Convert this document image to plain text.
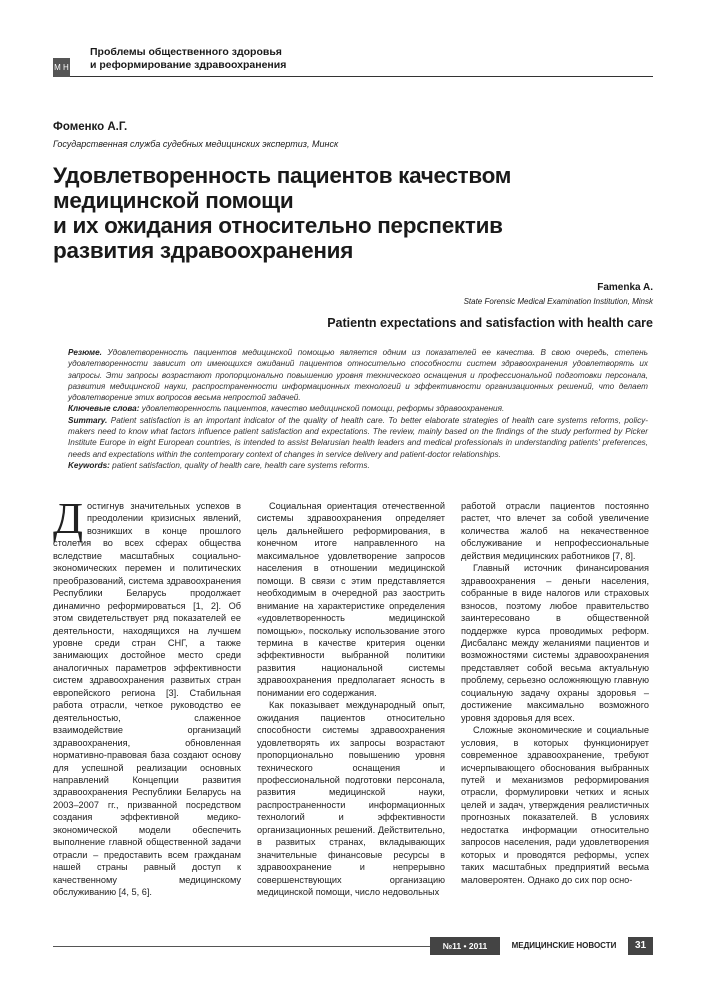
М Н
Проблемы общественного здоровья
и реформирование здравоохранения
Фоменко А.Г.
Государственная служба судебных медицинских экспертиз, Минск
Удовлетворенность пациентов качеством
медицинской помощи
и их ожидания относительно перспектив
развития здравоохранения
Famenka A.
State Forensic Medical Examination Institution, Minsk
Patientn expectations and satisfaction with health care

Резюме. Удовлетворенность пациентов медицинской помощью является одним из показателей ее качества. В свою очередь, степень удовлетворенности зависит от имеющихся ожиданий пациентов относительно способности систем здравоохранения удовлетворять их запросы. Эти запросы возрастают пропорционально повышению уровня технического оснащения и профессиональной подготовки персонала, развития медицинской науки, распространенности информационных технологий и эффективности организационных решений, что делает удовлетворение этих вопросов весьма непростой задачей.

Ключевые слова: удовлетворенность пациентов, качество медицинской помощи, реформы здравоохранения.

Summary. Patient satisfaction is an important indicator of the quality of health care. To better elaborate strategies of health care systems reforms, policy-makers need to know what factors influence patient satisfaction and expectations. The review, mainly based on the findings of the study performed by Picker Institute Europe in eight European countries, is intended to assist Belarusian health leaders and medical professionals in understanding patients' preferences, needs and expectations within the contemporary context of changes in service delivery and patient-doctor relationships.

Keywords: patient satisfaction, quality of health care, health care systems reforms.

Достигнув значительных успехов в преодолении кризисных явлений, возникших в конце прошлого столетия во всех сферах общества вследствие масштабных социально-экономических перемен и политических преобразований, система здравоохранения Республики Беларусь продолжает динамично реформироваться [1, 2]. Об этом свидетельствует ряд показателей ее деятельности, находящихся на лучшем уровне среди стран СНГ, а также занимающих достойное место среди аналогичных параметров эффективности систем здравоохранения развитых стран европейского региона [3]. Стабильная работа отрасли, четкое руководство ее деятельностью, слаженное взаимодействие организаций здравоохранения, обновленная нормативно-правовая база создают основу для успешной реализации основных направлений Концепции развития здравоохранения Республики Беларусь на 2003–2007 гг., призванной посредством создания эффективной медико-экономической модели обеспечить выполнение главной общественной задачи отрасли – предоставить всем гражданам нашей страны равный доступ к качественному медицинскому обслуживанию [4, 5, 6].

Социальная ориентация отечественной системы здравоохранения определяет цель дальнейшего реформирования, в конечном итоге направленного на максимальное удовлетворение запросов населения в отношении медицинской помощи. В связи с этим представляется необходимым в очередной раз заострить внимание на характеристике определения «удовлетворенность медицинской помощью», поскольку использование этого термина в качестве критерия оценки эффективности выбранной политики развития национальной системы здравоохранения предполагает ясность в понимании его содержания.

Как показывает международный опыт, ожидания пациентов относительно способности системы здравоохранения удовлетворять их запросы возрастают пропорционально повышению уровня технического оснащения и профессиональной подготовки персонала, развития медицинской науки, распространенности информационных технологий и эффективности организационных решений. Действительно, в развитых странах, вкладывающих значительные финансовые ресурсы в здравоохранение и непрерывно совершенствующих организацию медицинской помощи, число недовольных

работой отрасли пациентов постоянно растет, что влечет за собой увеличение количества жалоб на некачественное обслуживание и непрофессиональные действия медицинских работников [7, 8].

Главный источник финансирования здравоохранения – деньги населения, собранные в виде налогов или страховых взносов, поэтому любое правительство заинтересовано в общественной поддержке курса проводимых реформ. Дисбаланс между желаниями пациентов и возможностями системы здравоохранения представляет собой весьма актуальную проблему, серьезно осложняющую главную социальную задачу охраны здоровья – достижение максимально возможного уровня здоровья для всех.

Сложные экономические и социальные условия, в которых функционирует современное здравоохранение, требуют исчерпывающего обоснования выбранных путей и механизмов реформирования отрасли, формулировки четких и ясных целей и задач, утверждения реалистичных прогнозных показателей. В условиях недостатка информации относительно запросов населения, ради удовлетворения которых и проводятся реформы, успех таких масштабных предприятий весьма маловероятен. Однако до сих пор осно-

№11 • 2011	МЕДИЦИНСКИЕ НОВОСТИ	31
